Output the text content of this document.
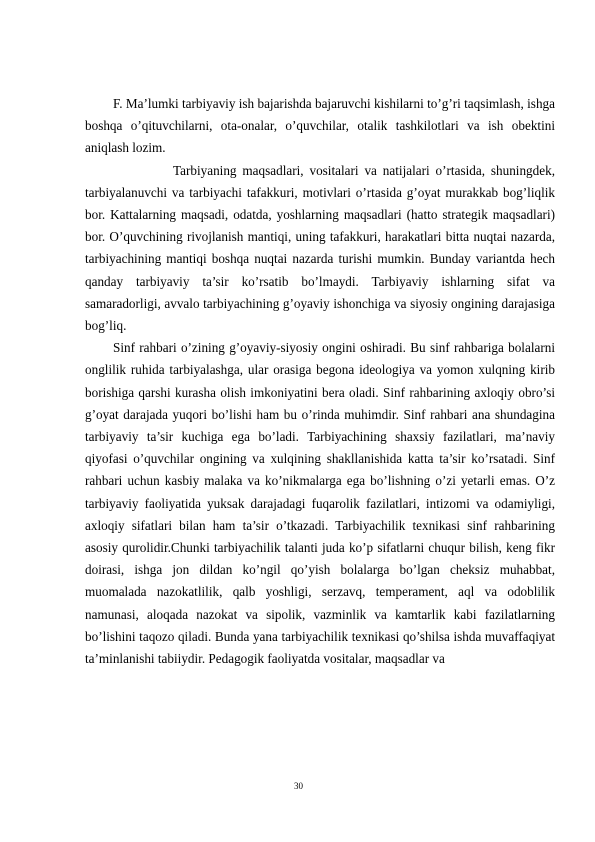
F. Ma’lumki tarbiyaviy ish bajarishda bajaruvchi kishilarni to’g’ri taqsimlash, ishga boshqa o’qituvchilarni, ota-onalar, o’quvchilar, otalik tashkilotlari va ish obektini aniqlash lozim.

Tarbiyaning maqsadlari, vositalari va natijalari o’rtasida, shuningdek, tarbiyalanuvchi va tarbiyachi tafakkuri, motivlari o’rtasida g’oyat murakkab bog’liqlik bor. Kattalarning maqsadi, odatda, yoshlarning maqsadlari (hatto strategik maqsadlari) bor. O’quvchining rivojlanish mantiqi, uning tafakkuri, harakatlari bitta nuqtai nazarda, tarbiyachining mantiqi boshqa nuqtai nazarda turishi mumkin. Bunday variantda hech qanday tarbiyaviy ta’sir ko’rsatib bo’lmaydi. Tarbiyaviy ishlarning sifat va samaradorligi, avvalo tarbiyachining g’oyaviy ishonchiga va siyosiy ongining darajasiga bog’liq.

Sinf rahbari o’zining g’oyaviy-siyosiy ongini oshiradi. Bu sinf rahbariga bolalarni onglilik ruhida tarbiyalashga, ular orasiga begona ideologiya va yomon xulqning kirib borishiga qarshi kurasha olish imkoniyatini bera oladi. Sinf rahbarining axloqiy obro’si g’oyat darajada yuqori bo’lishi ham bu o’rinda muhimdir. Sinf rahbari ana shundagina tarbiyaviy ta’sir kuchiga ega bo’ladi. Tarbiyachining shaxsiy fazilatlari, ma’naviy qiyofasi o’quvchilar ongining va xulqining shakllanishida katta ta’sir ko’rsatadi. Sinf rahbari uchun kasbiy malaka va ko’nikmalarga ega bo’lishning o’zi yetarli emas. O’z tarbiyaviy faoliyatida yuksak darajadagi fuqarolik fazilatlari, intizomi va odamiyligi, axloqiy sifatlari bilan ham ta’sir o’tkazadi. Tarbiyachilik texnikasi sinf rahbarining asosiy qurolidir.Chunki tarbiyachilik talanti juda ko’p sifatlarni chuqur bilish, keng fikr doirasi, ishga jon dildan ko’ngil qo’yish bolalarga bo’lgan cheksiz muhabbat, muomalada nazokatlilik, qalb yoshligi, serzavq, temperament, aql va odoblilik namunasi, aloqada nazokat va sipolik, vazminlik va kamtarlik kabi fazilatlarning bo’lishini taqozo qiladi. Bunda yana tarbiyachilik texnikasi qo’shilsa ishda muvaffaqiyat ta’minlanishi tabiiydir. Pedagogik faoliyatda vositalar, maqsadlar va

30
